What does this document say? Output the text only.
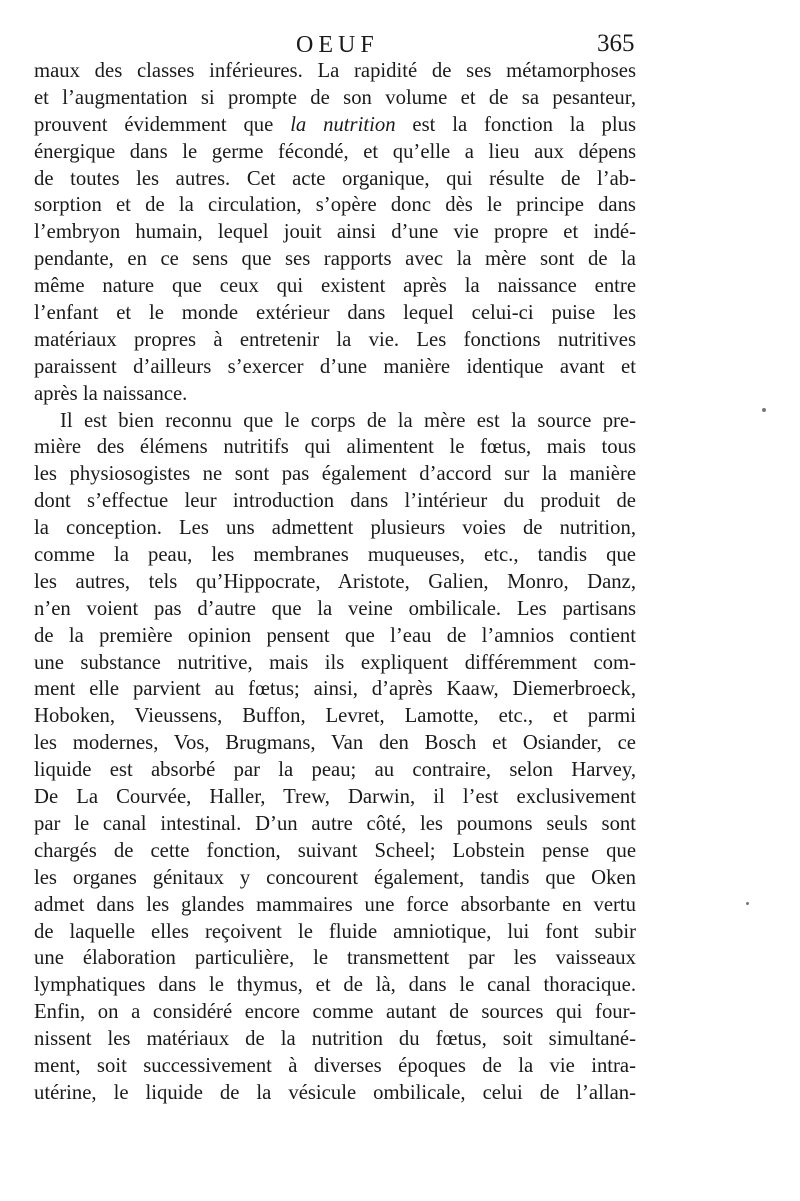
OEUF	365
maux des classes inférieures. La rapidité de ses métamorphoses
et l’augmentation si prompte de son volume et de sa pesanteur,
prouvent évidemment que la nutrition est la fonction la plus
énergique dans le germe fécondé, et qu’elle a lieu aux dépens
de toutes les autres. Cet acte organique, qui résulte de l’ab-
sorption et de la circulation, s’opère donc dès le principe dans
l’embryon humain, lequel jouit ainsi d’une vie propre et indé-
pendante, en ce sens que ses rapports avec la mère sont de la
même nature que ceux qui existent après la naissance entre
l’enfant et le monde extérieur dans lequel celui-ci puise les
matériaux propres à entretenir la vie. Les fonctions nutritives
paraissent d’ailleurs s’exercer d’une manière identique avant et
après la naissance.
Il est bien reconnu que le corps de la mère est la source pre-
mière des élémens nutritifs qui alimentent le fœtus, mais tous
les physiosogistes ne sont pas également d’accord sur la manière
dont s’effectue leur introduction dans l’intérieur du produit de
la conception. Les uns admettent plusieurs voies de nutrition,
comme la peau, les membranes muqueuses, etc., tandis que
les autres, tels qu’Hippocrate, Aristote, Galien, Monro, Danz,
n’en voient pas d’autre que la veine ombilicale. Les partisans
de la première opinion pensent que l’eau de l’amnios contient
une substance nutritive, mais ils expliquent différemment com-
ment elle parvient au fœtus; ainsi, d’après Kaaw, Diemerbroeck,
Hoboken, Vieussens, Buffon, Levret, Lamotte, etc., et parmi
les modernes, Vos, Brugmans, Van den Bosch et Osiander, ce
liquide est absorbé par la peau; au contraire, selon Harvey,
De La Courvée, Haller, Trew, Darwin, il l’est exclusivement
par le canal intestinal. D’un autre côté, les poumons seuls sont
chargés de cette fonction, suivant Scheel; Lobstein pense que
les organes génitaux y concourent également, tandis que Oken
admet dans les glandes mammaires une force absorbante en vertu
de laquelle elles reçoivent le fluide amniotique, lui font subir
une élaboration particulière, le transmettent par les vaisseaux
lymphatiques dans le thymus, et de là, dans le canal thoracique.
Enfin, on a considéré encore comme autant de sources qui four-
nissent les matériaux de la nutrition du fœtus, soit simultané-
ment, soit successivement à diverses époques de la vie intra-
utérine, le liquide de la vésicule ombilicale, celui de l’allan-
